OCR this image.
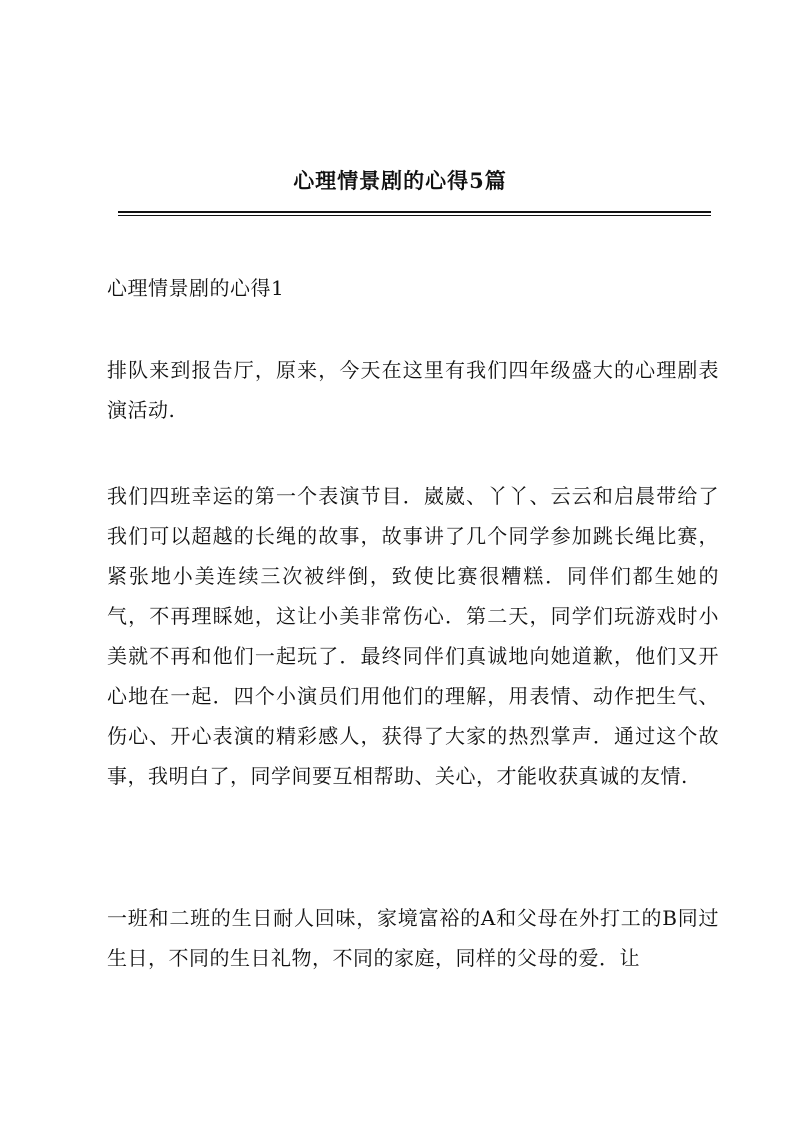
心理情景剧的心得5篇
心理情景剧的心得1
排队来到报告厅，原来，今天在这里有我们四年级盛大的心理剧表演活动.
我们四班幸运的第一个表演节目．崴崴、丫丫、云云和启晨带给了我们可以超越的长绳的故事，故事讲了几个同学参加跳长绳比赛，紧张地小美连续三次被绊倒，致使比赛很糟糕．同伴们都生她的气，不再理睬她，这让小美非常伤心．第二天，同学们玩游戏时小美就不再和他们一起玩了．最终同伴们真诚地向她道歉，他们又开心地在一起．四个小演员们用他们的理解，用表情、动作把生气、伤心、开心表演的精彩感人，获得了大家的热烈掌声．通过这个故事，我明白了，同学间要互相帮助、关心，才能收获真诚的友情.
一班和二班的生日耐人回味，家境富裕的A和父母在外打工的B同过生日，不同的生日礼物，不同的家庭，同样的父母的爱．让
